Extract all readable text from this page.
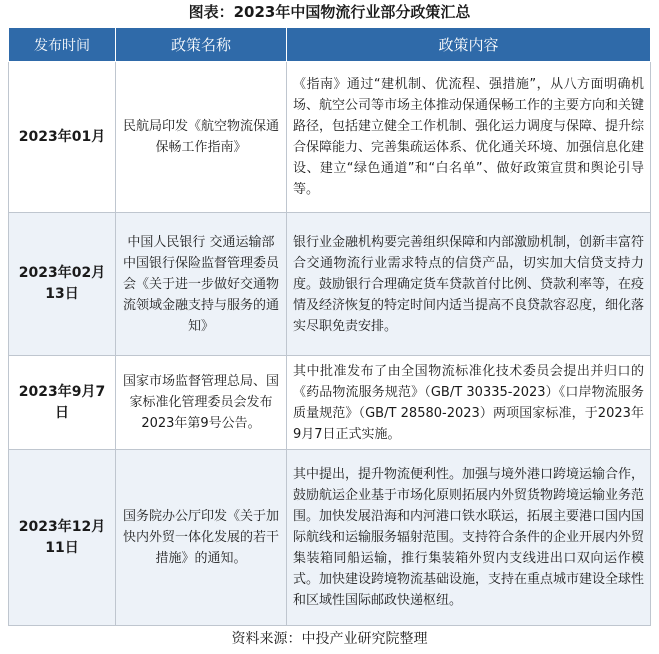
图表：2023年中国物流行业部分政策汇总
发布时间	政策名称	政策内容
2023年01月	民航局印发《航空物流保通保畅工作指南》	《指南》通过“建机制、优流程、强措施”，从八方面明确机场、航空公司等市场主体推动保通保畅工作的主要方向和关键路径，包括建立健全工作机制、强化运力调度与保障、提升综合保障能力、完善集疏运体系、优化通关环境、加强信息化建设、建立“绿色通道”和“白名单”、做好政策宣贯和舆论引导等。
2023年02月13日	中国人民银行 交通运输部 中国银行保险监督管理委员会《关于进一步做好交通物流领域金融支持与服务的通知》	银行业金融机构要完善组织保障和内部激励机制，创新丰富符合交通物流行业需求特点的信贷产品，切实加大信贷支持力度。鼓励银行合理确定货车贷款首付比例、贷款利率等，在疫情及经济恢复的特定时间内适当提高不良贷款容忍度，细化落实尽职免责安排。
2023年9月7日	国家市场监督管理总局、国家标准化管理委员会发布2023年第9号公告。	其中批准发布了由全国物流标准化技术委员会提出并归口的《药品物流服务规范》（GB/T 30335-2023）《口岸物流服务质量规范》（GB/T 28580-2023）两项国家标准，于2023年9月7日正式实施。
2023年12月11日	国务院办公厅印发《关于加快内外贸一体化发展的若干措施》的通知。	其中提出，提升物流便利性。加强与境外港口跨境运输合作，鼓励航运企业基于市场化原则拓展内外贸货物跨境运输业务范围。加快发展沿海和内河港口铁水联运，拓展主要港口国内国际航线和运输服务辐射范围。支持符合条件的企业开展内外贸集装箱同船运输，推行集装箱外贸内支线进出口双向运作模式。加快建设跨境物流基础设施，支持在重点城市建设全球性和区域性国际邮政快递枢纽。
资料来源：中投产业研究院整理
